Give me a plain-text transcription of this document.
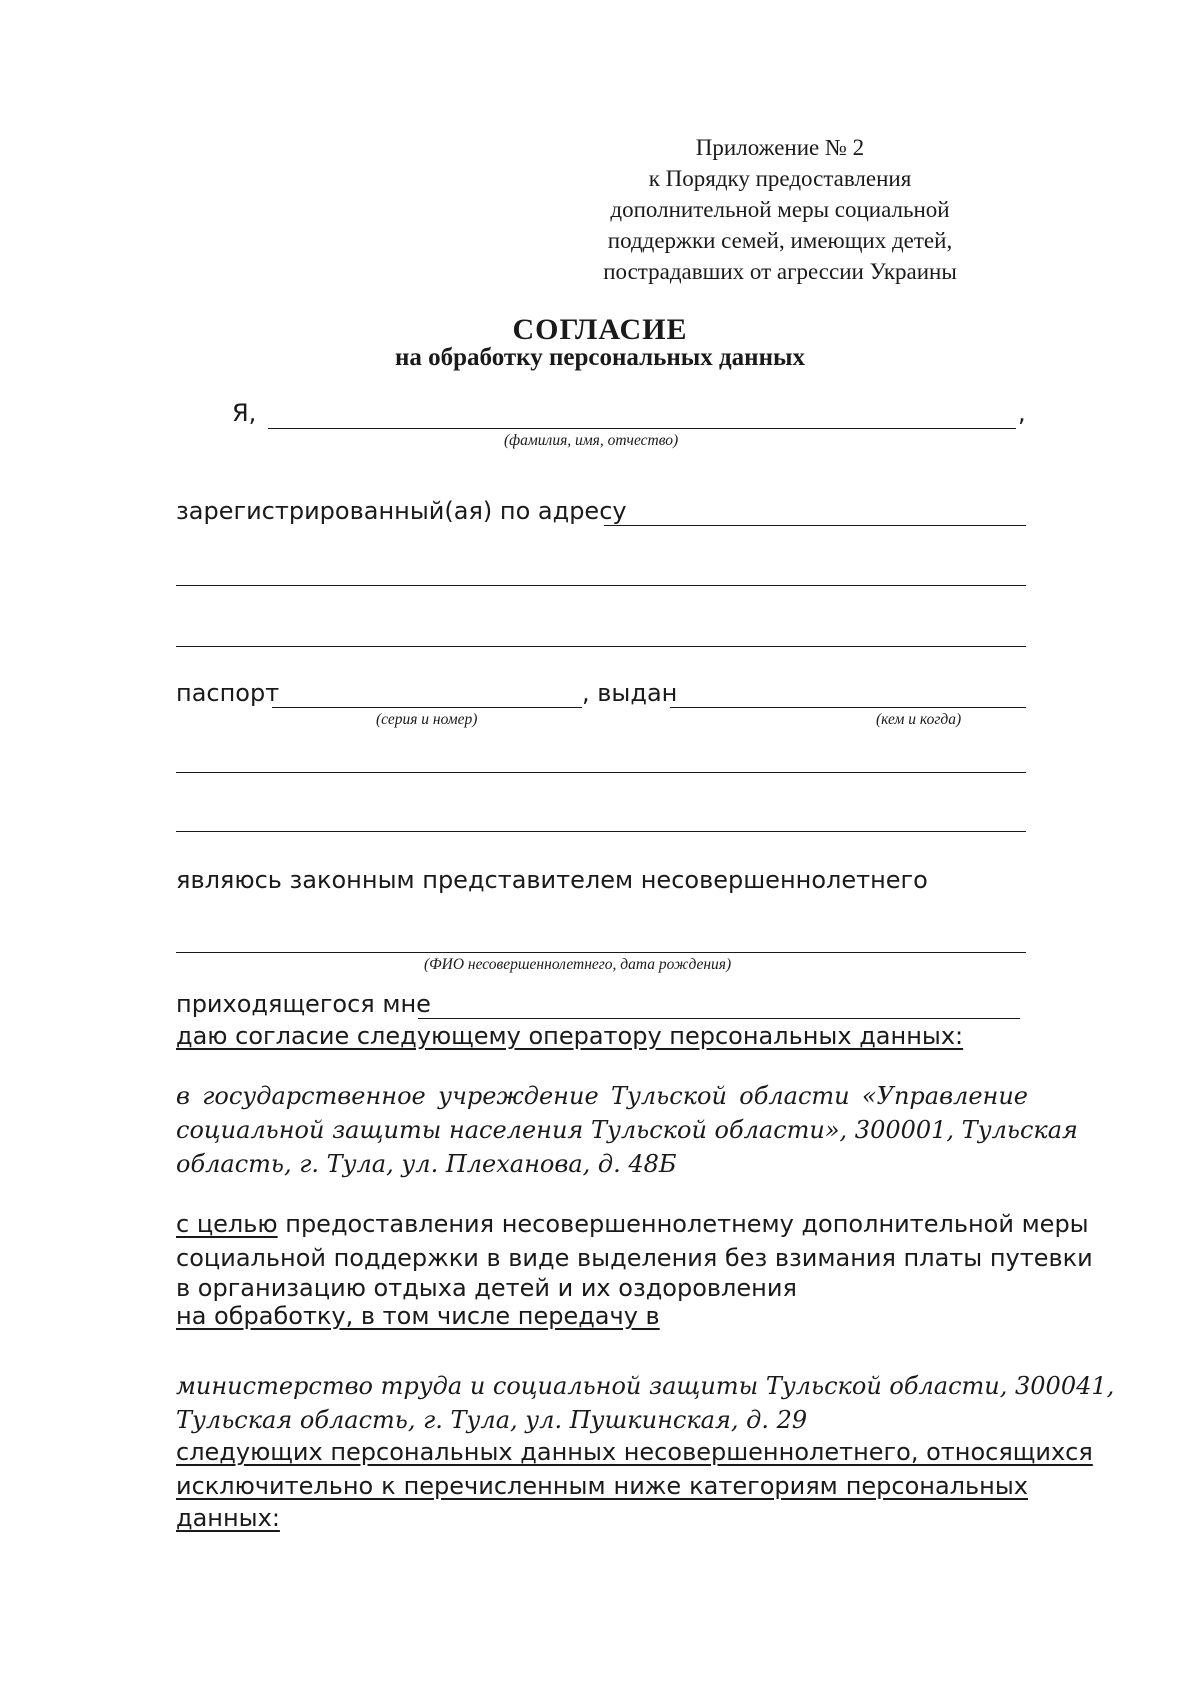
Приложение № 2
к Порядку предоставления
дополнительной меры социальной
поддержки семей, имеющих детей,
пострадавших от агрессии Украины
СОГЛАСИЕ
на обработку персональных данных
Я,	,
(фамилия, имя, отчество)
зарегистрированный(ая) по адресу
паспорт	, выдан
(серия и номер)	(кем и когда)
являюсь законным представителем несовершеннолетнего
(ФИО несовершеннолетнего, дата рождения)
приходящегося мне
даю согласие следующему оператору персональных данных:
в государственное учреждение Тульской области «Управление
социальной защиты населения Тульской области», 300001, Тульская
область, г. Тула, ул. Плеханова, д. 48Б
с целью предоставления несовершеннолетнему дополнительной меры
социальной поддержки в виде выделения без взимания платы путевки
в организацию отдыха детей и их оздоровления
на обработку, в том числе передачу в
министерство труда и социальной защиты Тульской области, 300041,
Тульская область, г. Тула, ул. Пушкинская, д. 29
следующих персональных данных несовершеннолетнего, относящихся
исключительно к перечисленным ниже категориям персональных
данных:
